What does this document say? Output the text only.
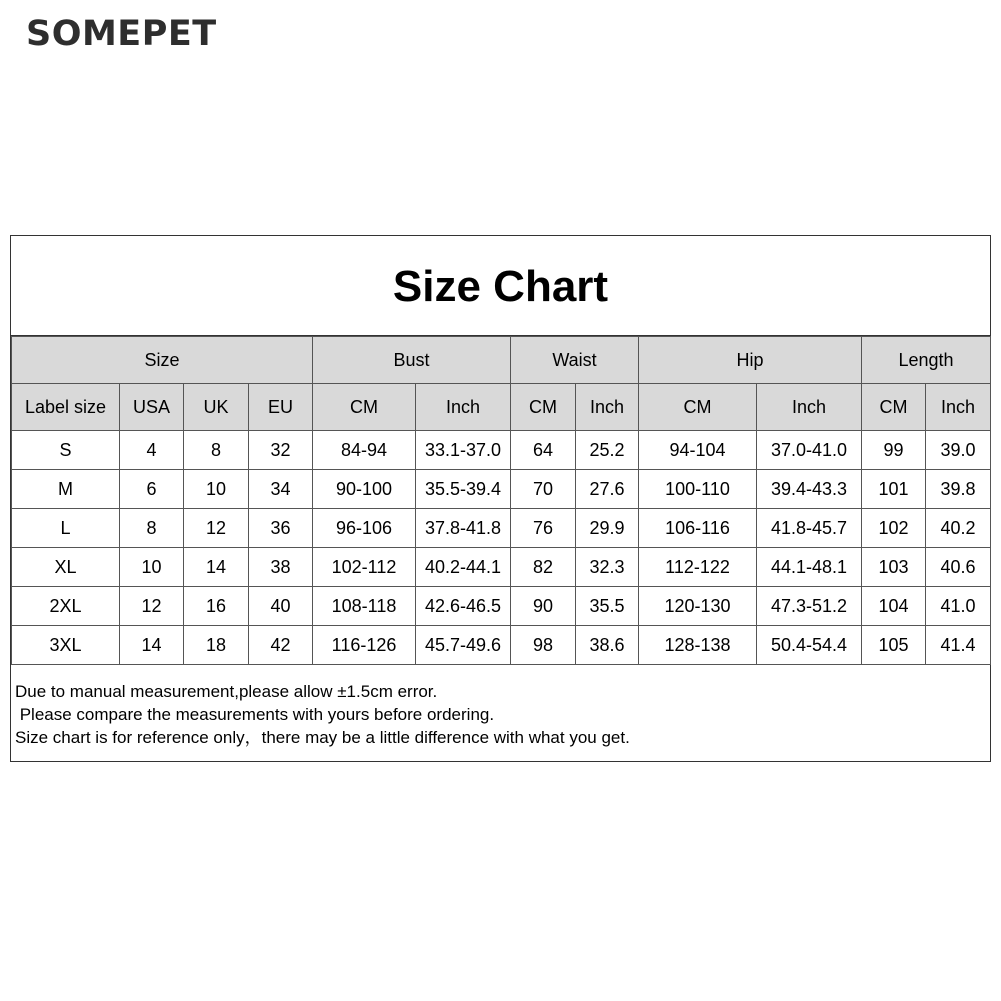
SOMEPET
Size Chart
Size				Bust		Waist		Hip		Length	
Label size	USA	UK	EU	CM	Inch	CM	Inch	CM	Inch	CM	Inch
S	4	8	32	84-94	33.1-37.0	64	25.2	94-104	37.0-41.0	99	39.0
M	6	10	34	90-100	35.5-39.4	70	27.6	100-110	39.4-43.3	101	39.8
L	8	12	36	96-106	37.8-41.8	76	29.9	106-116	41.8-45.7	102	40.2
XL	10	14	38	102-112	40.2-44.1	82	32.3	112-122	44.1-48.1	103	40.6
2XL	12	16	40	108-118	42.6-46.5	90	35.5	120-130	47.3-51.2	104	41.0
3XL	14	18	42	116-126	45.7-49.6	98	38.6	128-138	50.4-54.4	105	41.4
Due to manual measurement,please allow ±1.5cm error.
Please compare the measurements with yours before ordering.
Size chart is for reference only，there may be a little difference with what you get.
